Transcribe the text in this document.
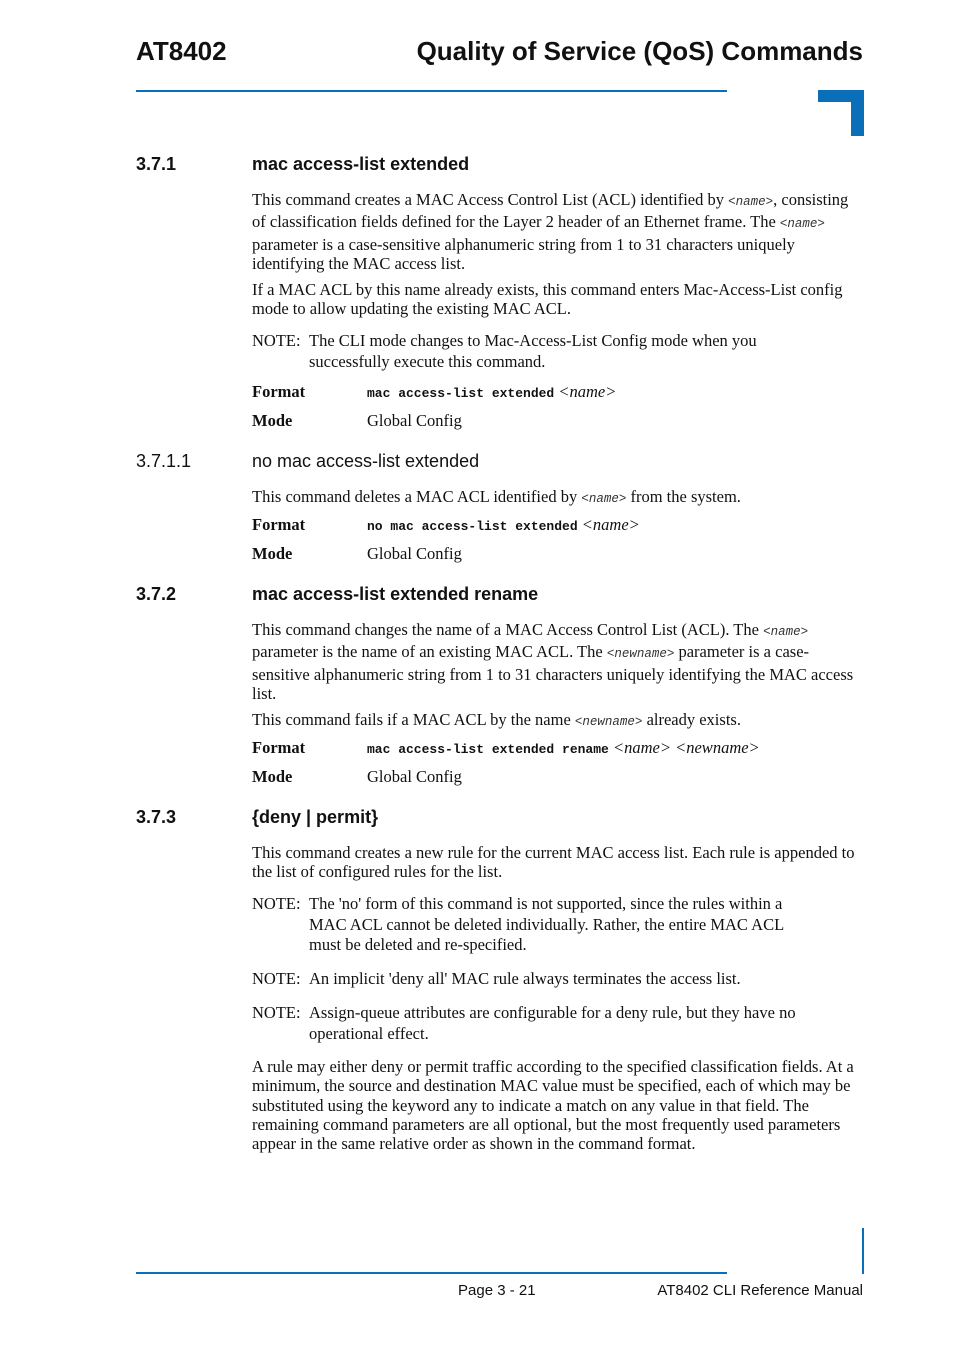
AT8402	Quality of Service (QoS) Commands
3.7.1	mac access-list extended
This command creates a MAC Access Control List (ACL) identified by <name>, consisting of classification fields defined for the Layer 2 header of an Ethernet frame. The <name> parameter is a case-sensitive alphanumeric string from 1 to 31 characters uniquely identifying the MAC access list.
If a MAC ACL by this name already exists, this command enters Mac-Access-List config mode to allow updating the existing MAC ACL.
NOTE: The CLI mode changes to Mac-Access-List Config mode when you successfully execute this command.
Format	mac access-list extended <name>
Mode	Global Config
3.7.1.1	no mac access-list extended
This command deletes a MAC ACL identified by <name> from the system.
Format	no mac access-list extended <name>
Mode	Global Config
3.7.2	mac access-list extended rename
This command changes the name of a MAC Access Control List (ACL). The <name> parameter is the name of an existing MAC ACL. The <newname> parameter is a case-sensitive alphanumeric string from 1 to 31 characters uniquely identifying the MAC access list.
This command fails if a MAC ACL by the name <newname> already exists.
Format	mac access-list extended rename <name> <newname>
Mode	Global Config
3.7.3	{deny | permit}
This command creates a new rule for the current MAC access list. Each rule is appended to the list of configured rules for the list.
NOTE: The 'no' form of this command is not supported, since the rules within a MAC ACL cannot be deleted individually. Rather, the entire MAC ACL must be deleted and re-specified.
NOTE: An implicit 'deny all' MAC rule always terminates the access list.
NOTE: Assign-queue attributes are configurable for a deny rule, but they have no operational effect.
A rule may either deny or permit traffic according to the specified classification fields. At a minimum, the source and destination MAC value must be specified, each of which may be substituted using the keyword any to indicate a match on any value in that field. The remaining command parameters are all optional, but the most frequently used parameters appear in the same relative order as shown in the command format.
Page 3 - 21	AT8402 CLI Reference Manual
